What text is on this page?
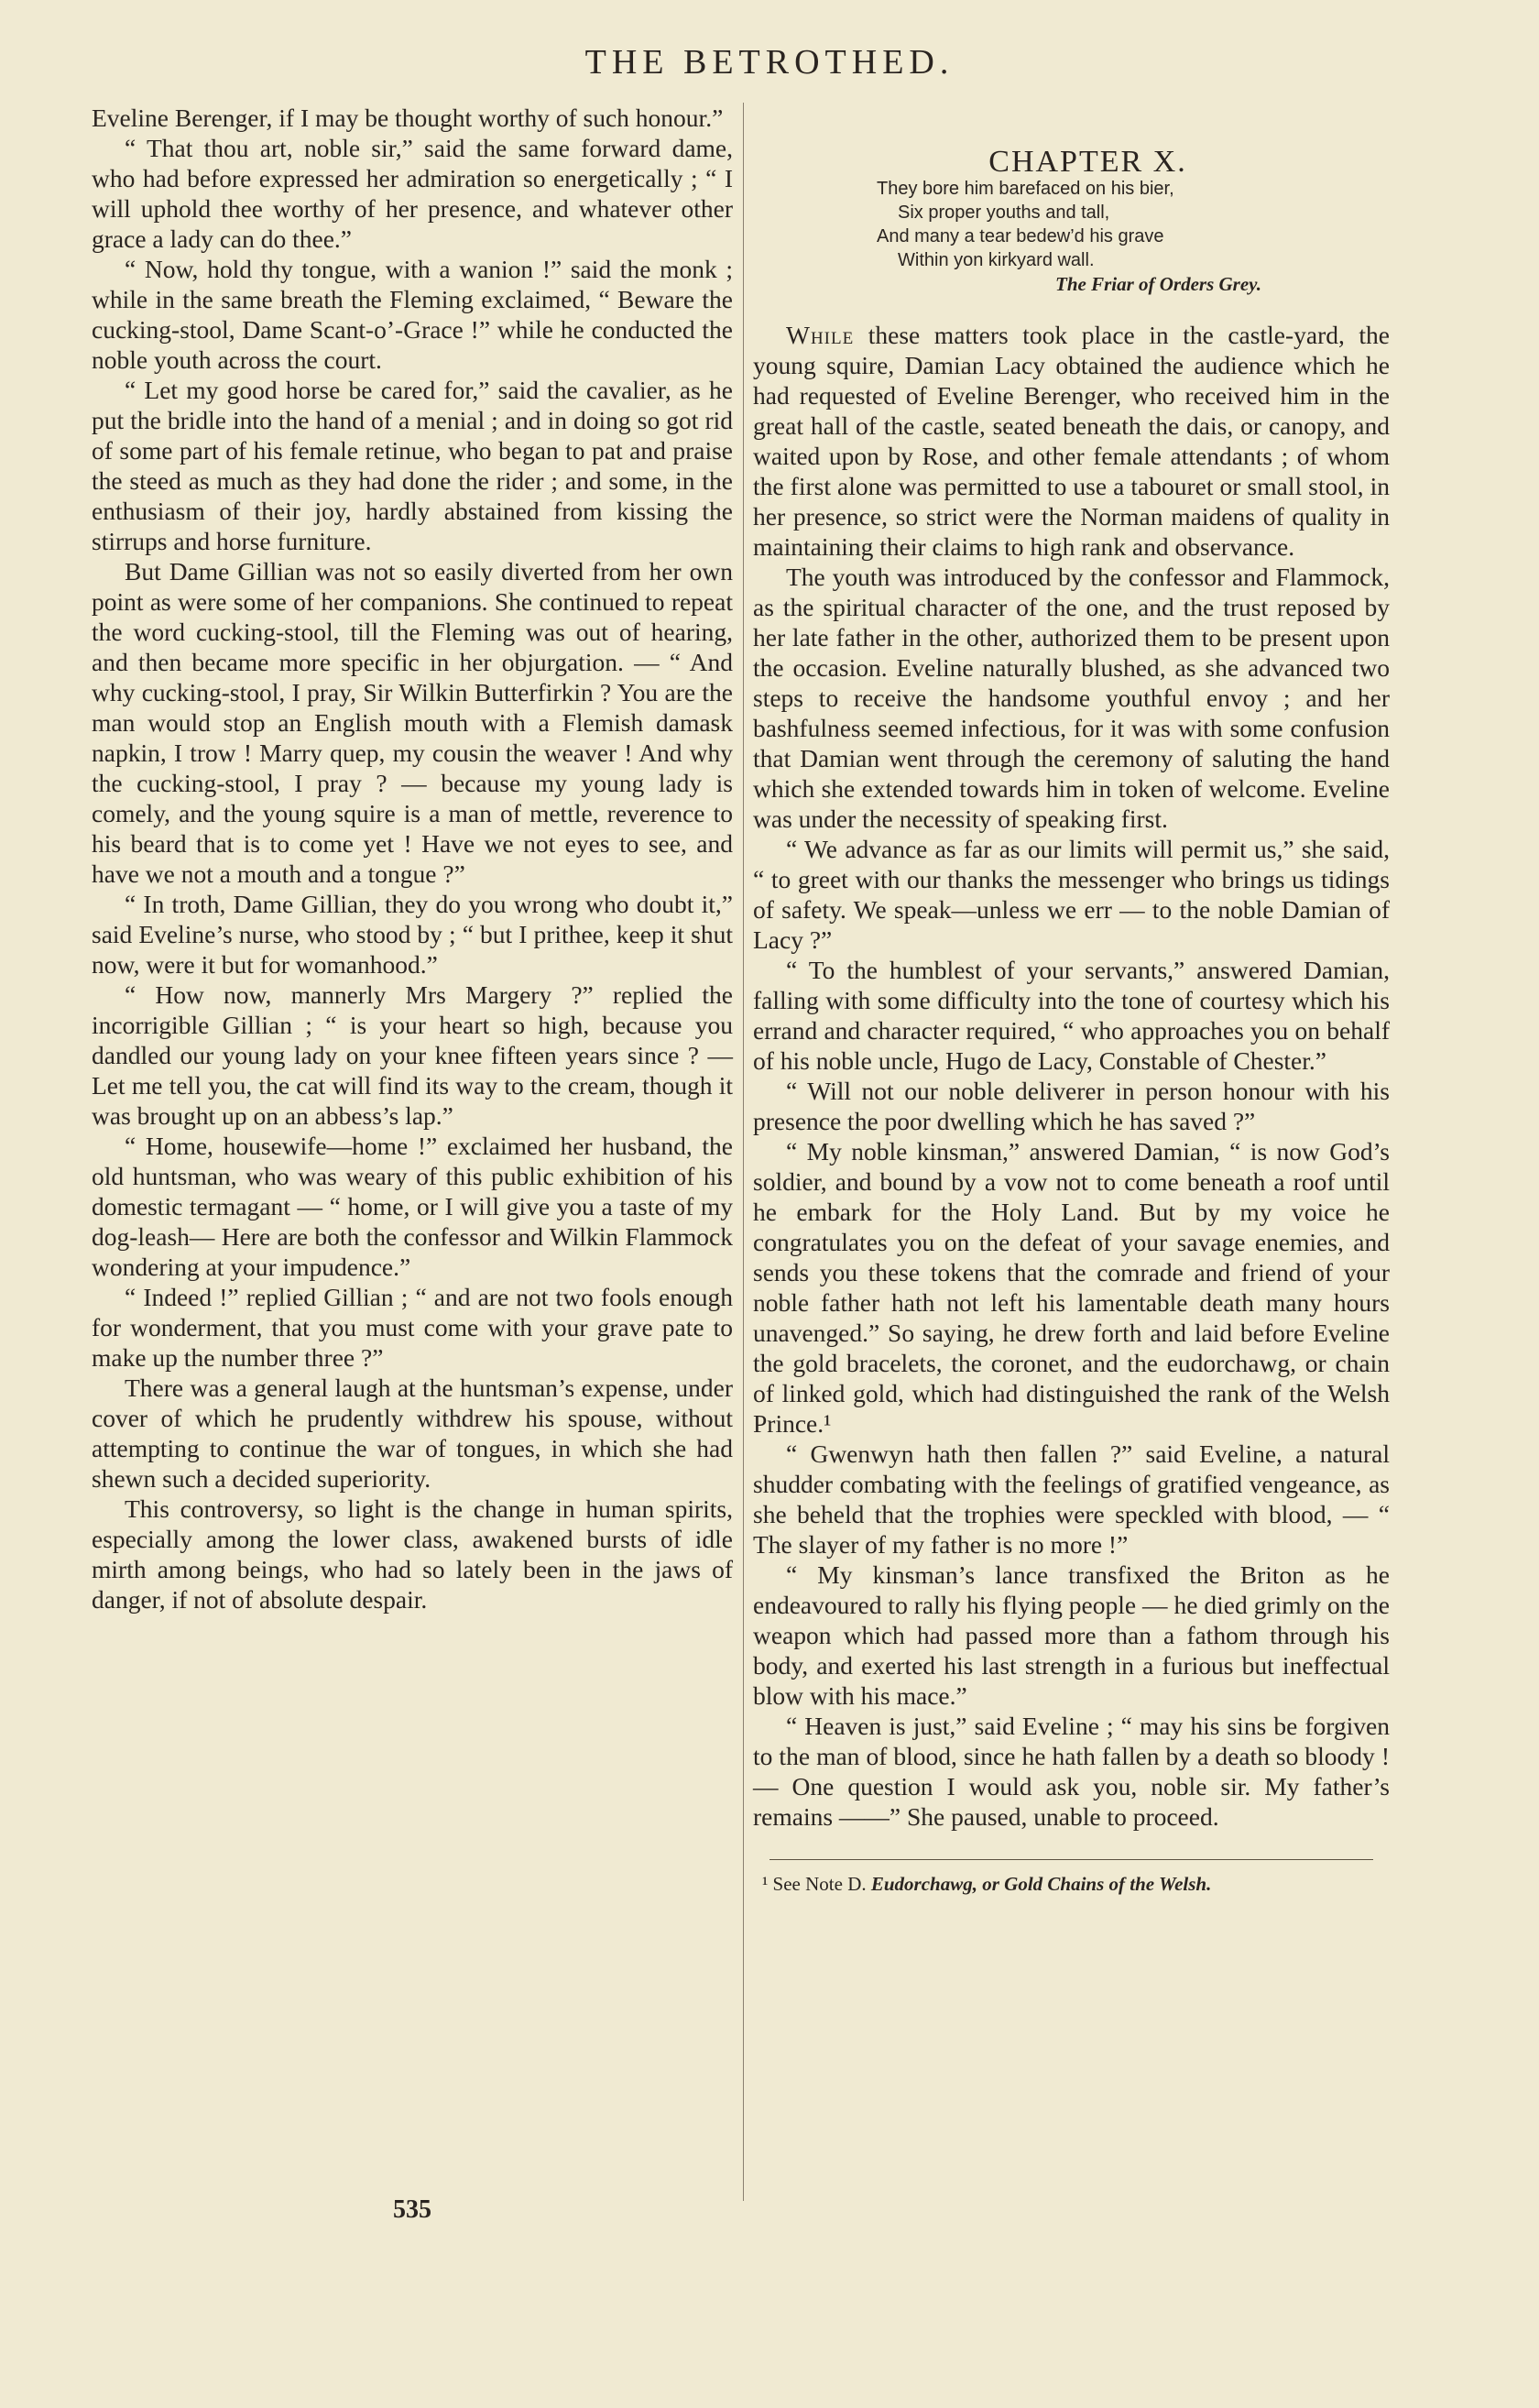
THE BETROTHED.

Eveline Berenger, if I may be thought worthy of such honour.”

“ That thou art, noble sir,” said the same forward dame, who had before expressed her admiration so energetically ; “ I will uphold thee worthy of her presence, and whatever other grace a lady can do thee.”

“ Now, hold thy tongue, with a wanion !” said the monk ; while in the same breath the Fleming exclaimed, “ Beware the cucking-stool, Dame Scant-o’-Grace !” while he conducted the noble youth across the court.

“ Let my good horse be cared for,” said the cavalier, as he put the bridle into the hand of a menial ; and in doing so got rid of some part of his female retinue, who began to pat and praise the steed as much as they had done the rider ; and some, in the enthusiasm of their joy, hardly abstained from kissing the stirrups and horse furniture.

But Dame Gillian was not so easily diverted from her own point as were some of her companions. She continued to repeat the word cucking-stool, till the Fleming was out of hearing, and then became more specific in her objurgation. — “ And why cucking-stool, I pray, Sir Wilkin Butterfirkin ? You are the man would stop an English mouth with a Flemish damask napkin, I trow ! Marry quep, my cousin the weaver ! And why the cucking-stool, I pray ? — because my young lady is comely, and the young squire is a man of mettle, reverence to his beard that is to come yet ! Have we not eyes to see, and have we not a mouth and a tongue ?”

“ In troth, Dame Gillian, they do you wrong who doubt it,” said Eveline’s nurse, who stood by ; “ but I prithee, keep it shut now, were it but for womanhood.”

“ How now, mannerly Mrs Margery ?” replied the incorrigible Gillian ; “ is your heart so high, because you dandled our young lady on your knee fifteen years since ? — Let me tell you, the cat will find its way to the cream, though it was brought up on an abbess’s lap.”

“ Home, housewife—home !” exclaimed her husband, the old huntsman, who was weary of this public exhibition of his domestic termagant — “ home, or I will give you a taste of my dog-leash— Here are both the confessor and Wilkin Flammock wondering at your impudence.”

“ Indeed !” replied Gillian ; “ and are not two fools enough for wonderment, that you must come with your grave pate to make up the number three ?”

There was a general laugh at the huntsman’s expense, under cover of which he prudently withdrew his spouse, without attempting to continue the war of tongues, in which she had shewn such a decided superiority.

This controversy, so light is the change in human spirits, especially among the lower class, awakened bursts of idle mirth among beings, who had so lately been in the jaws of danger, if not of absolute despair.

CHAPTER X.

They bore him barefaced on his bier,
Six proper youths and tall,
And many a tear bedew’d his grave
Within yon kirkyard wall.
The Friar of Orders Grey.

While these matters took place in the castle-yard, the young squire, Damian Lacy obtained the audience which he had requested of Eveline Berenger, who received him in the great hall of the castle, seated beneath the dais, or canopy, and waited upon by Rose, and other female attendants ; of whom the first alone was permitted to use a tabouret or small stool, in her presence, so strict were the Norman maidens of quality in maintaining their claims to high rank and observance.

The youth was introduced by the confessor and Flammock, as the spiritual character of the one, and the trust reposed by her late father in the other, authorized them to be present upon the occasion. Eveline naturally blushed, as she advanced two steps to receive the handsome youthful envoy ; and her bashfulness seemed infectious, for it was with some confusion that Damian went through the ceremony of saluting the hand which she extended towards him in token of welcome. Eveline was under the necessity of speaking first.

“ We advance as far as our limits will permit us,” she said, “ to greet with our thanks the messenger who brings us tidings of safety. We speak—unless we err — to the noble Damian of Lacy ?”

“ To the humblest of your servants,” answered Damian, falling with some difficulty into the tone of courtesy which his errand and character required, “ who approaches you on behalf of his noble uncle, Hugo de Lacy, Constable of Chester.”

“ Will not our noble deliverer in person honour with his presence the poor dwelling which he has saved ?”

“ My noble kinsman,” answered Damian, “ is now God’s soldier, and bound by a vow not to come beneath a roof until he embark for the Holy Land. But by my voice he congratulates you on the defeat of your savage enemies, and sends you these tokens that the comrade and friend of your noble father hath not left his lamentable death many hours unavenged.” So saying, he drew forth and laid before Eveline the gold bracelets, the coronet, and the eudorchawg, or chain of linked gold, which had distinguished the rank of the Welsh Prince.¹

“ Gwenwyn hath then fallen ?” said Eveline, a natural shudder combating with the feelings of gratified vengeance, as she beheld that the trophies were speckled with blood, — “ The slayer of my father is no more !”

“ My kinsman’s lance transfixed the Briton as he endeavoured to rally his flying people — he died grimly on the weapon which had passed more than a fathom through his body, and exerted his last strength in a furious but ineffectual blow with his mace.”

“ Heaven is just,” said Eveline ; “ may his sins be forgiven to the man of blood, since he hath fallen by a death so bloody ! — One question I would ask you, noble sir. My father’s remains ——” She paused, unable to proceed.

¹ See Note D. Eudorchawg, or Gold Chains of the Welsh.

535
